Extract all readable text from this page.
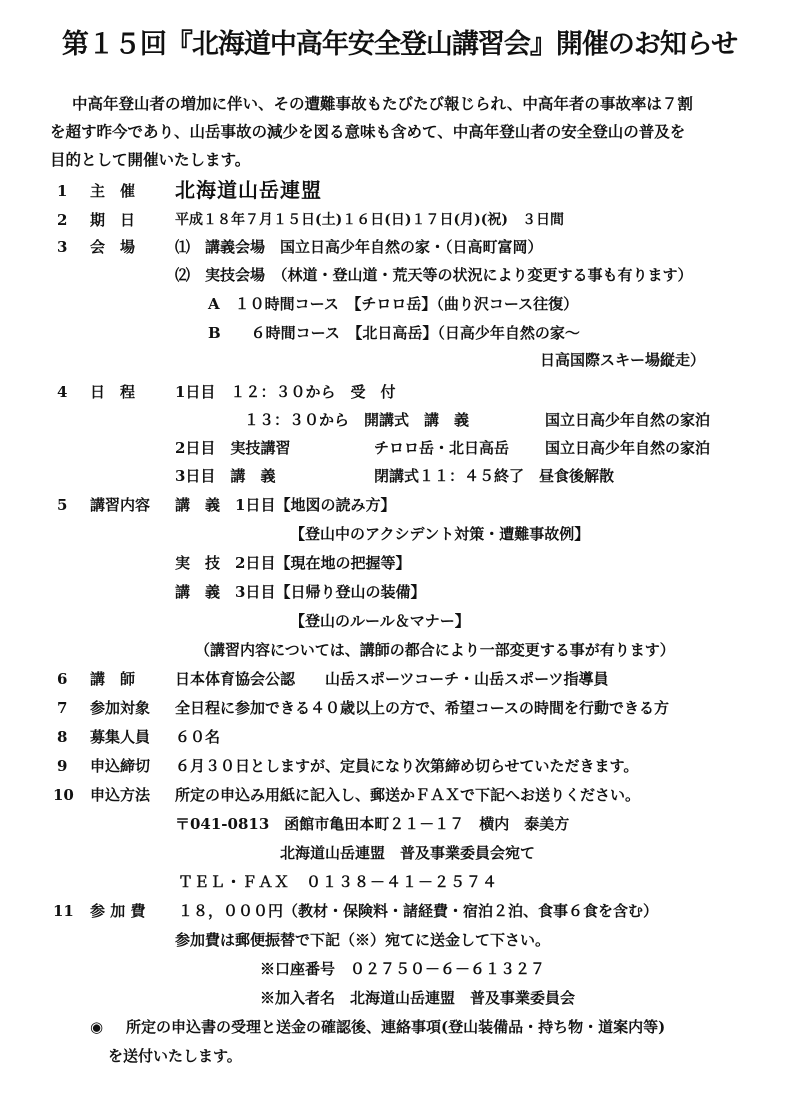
第１５回『北海道中高年安全登山講習会』開催のお知らせ
中高年登山者の増加に伴い、その遭難事故もたびたび報じられ、中高年者の事故率は７割
を超す昨今であり、山岳事故の減少を図る意味も含めて、中高年登山者の安全登山の普及を
目的として開催いたします。
1 主　催 北海道山岳連盟
2 期　日	平成１８年７月１５日(土)１６日(日)１７日(月)(祝)　３日間
3 会　場	⑴　講義会場　国立日高少年自然の家・（日高町富岡）
⑵　実技会場　（林道・登山道・荒天等の状況により変更する事も有ります）
A　１０時間コース　【チロロ岳】（曲り沢コース往復）
B　　６時間コース　【北日高岳】（日高少年自然の家～
日高国際スキー場縦走）
4 日　程	1日目　１２：３０から　受　付
１３：３０から　開講式　講　義	国立日高少年自然の家泊
2日目　実技講習	チロロ岳・北日高岳 国立日高少年自然の家泊
3日目　講　義	閉講式１１：４５終了　昼食後解散
5 講習内容 講　義　1日目【地図の読み方】
【登山中のアクシデント対策・遭難事故例】
実　技　2日目【現在地の把握等】
講　義　3日目【日帰り登山の装備】
【登山のルール＆マナー】
（講習内容については、講師の都合により一部変更する事が有ります）
6 講　師	日本体育協会公認　　山岳スポーツコーチ・山岳スポーツ指導員
7 参加対象 全日程に参加できる４０歳以上の方で、希望コースの時間を行動できる方
8 募集人員 ６０名
9 申込締切 ６月３０日としますが、定員になり次第締め切らせていただきます。
10 申込方法 所定の申込み用紙に記入し、郵送かＦＡＸで下記へお送りください。
〒041-0813　函館市亀田本町２１－１７　横内　泰美方
北海道山岳連盟　普及事業委員会宛て
ＴＥＬ・ＦＡＸ　０１３８－４１－２５７４
11 参 加 費 １８，０００円（教材・保険料・諸経費・宿泊２泊、食事６食を含む）
参加費は郵便振替で下記（※）宛てに送金して下さい。
※口座番号　０２７５０－６－６１３２７
※加入者名　北海道山岳連盟　普及事業委員会
◉ 所定の申込書の受理と送金の確認後、連絡事項(登山装備品・持ち物・道案内等)
を送付いたします。
